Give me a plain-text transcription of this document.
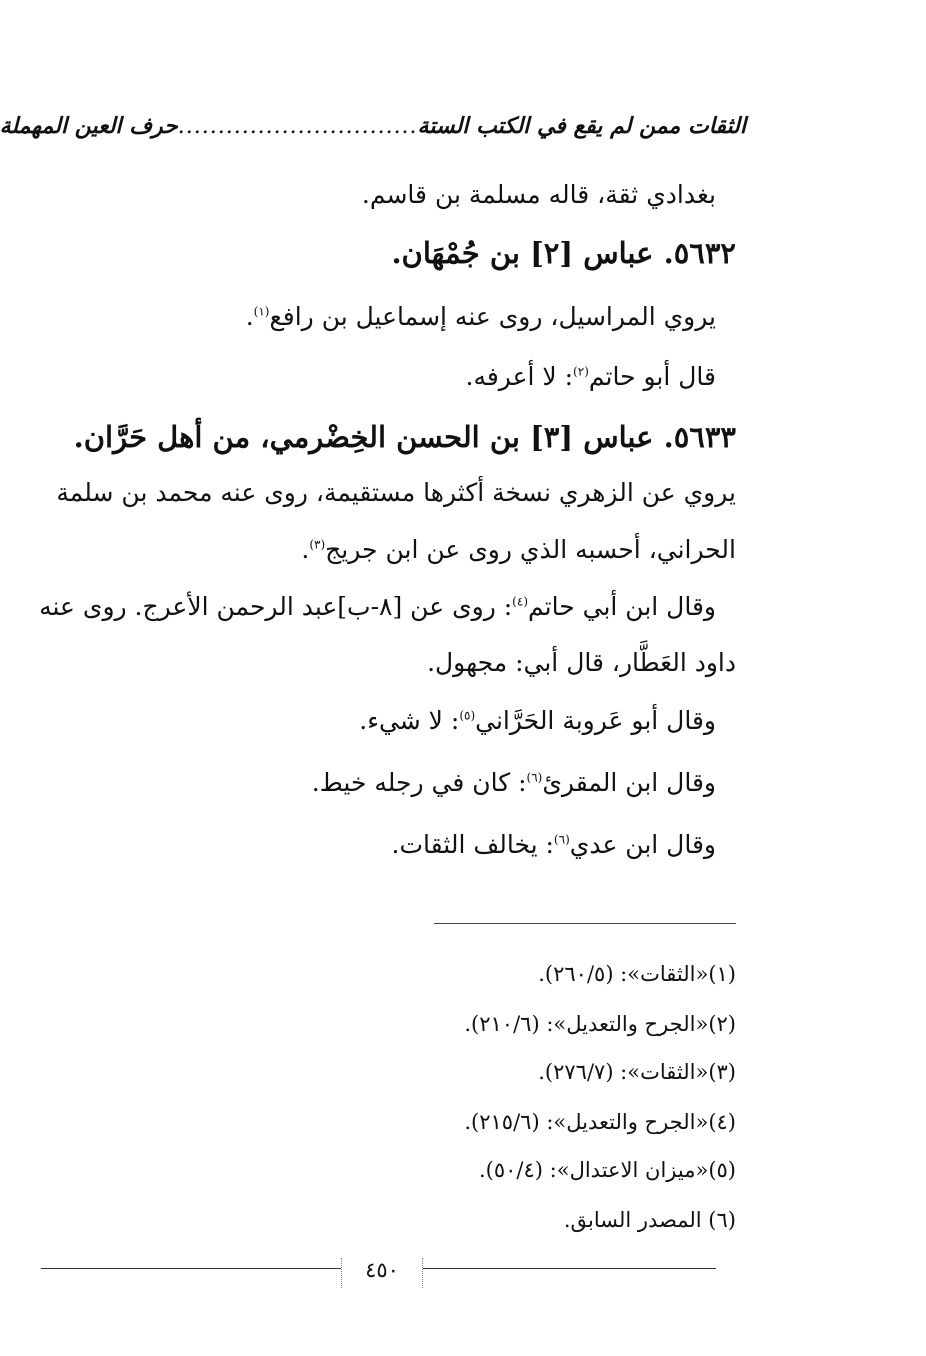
الثقات ممن لم يقع في الكتب الستة
..............................
حرف العين المهملة
بغدادي ثقة، قاله مسلمة بن قاسم.
٥٦٣٢. عباس [٢] بن جُمْهَان.
يروي المراسيل، روى عنه إسماعيل بن رافع$^{(١)}$.
قال أبو حاتم$^{(٢)}$: لا أعرفه.
٥٦٣٣. عباس [٣] بن الحسن الخِضْرمي، من أهل حَرَّان.
يروي عن الزهري نسخة أكثرها مستقيمة، روى عنه محمد بن سلمة
الحراني، أحسبه الذي روى عن ابن جريج$^{(٣)}$.
وقال ابن أبي حاتم$^{(٤)}$: روى عن [٨-ب]عبد الرحمن الأعرج. روى عنه
داود العَطَّار، قال أبي: مجهول.
وقال أبو عَروبة الحَرَّاني$^{(٥)}$: لا شيء.
وقال ابن المقرئ$^{(٦)}$: كان في رجله خيط.
وقال ابن عدي$^{(٦)}$: يخالف الثقات.
(١)«الثقات»: (٢٦٠/٥).
(٢)«الجرح والتعديل»: (٢١٠/٦).
(٣)«الثقات»: (٢٧٦/٧).
(٤)«الجرح والتعديل»: (٢١٥/٦).
(٥)«ميزان الاعتدال»: (٥٠/٤).
(٦) المصدر السابق.
٤٥٠
